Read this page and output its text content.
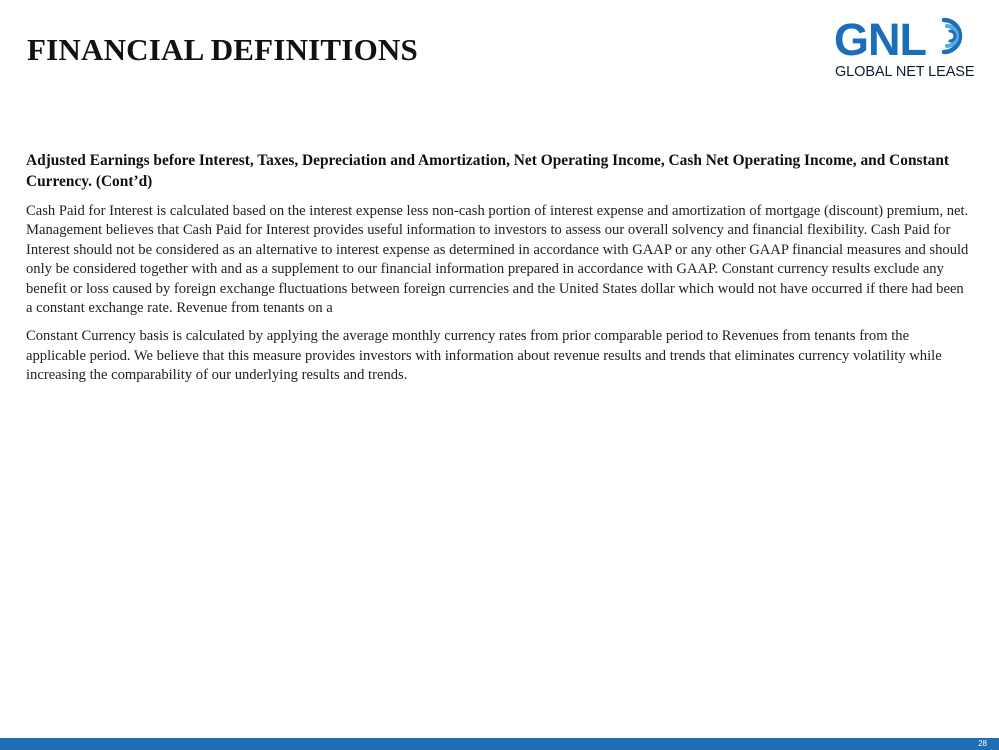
FINANCIAL DEFINITIONS	GNL
GLOBAL NET LEASE

Adjusted Earnings before Interest, Taxes, Depreciation and Amortization, Net Operating Income, Cash Net Operating Income, and Constant Currency. (Cont’d)

Cash Paid for Interest is calculated based on the interest expense less non-cash portion of interest expense and amortization of mortgage (discount) premium, net. Management believes that Cash Paid for Interest provides useful information to investors to assess our overall solvency and financial flexibility. Cash Paid for Interest should not be considered as an alternative to interest expense as determined in accordance with GAAP or any other GAAP financial measures and should only be considered together with and as a supplement to our financial information prepared in accordance with GAAP. Constant currency results exclude any benefit or loss caused by foreign exchange fluctuations between foreign currencies and the United States dollar which would not have occurred if there had been a constant exchange rate. Revenue from tenants on a

Constant Currency basis is calculated by applying the average monthly currency rates from prior comparable period to Revenues from tenants from the applicable period. We believe that this measure provides investors with information about revenue results and trends that eliminates currency volatility while increasing the comparability of our underlying results and trends.

28
